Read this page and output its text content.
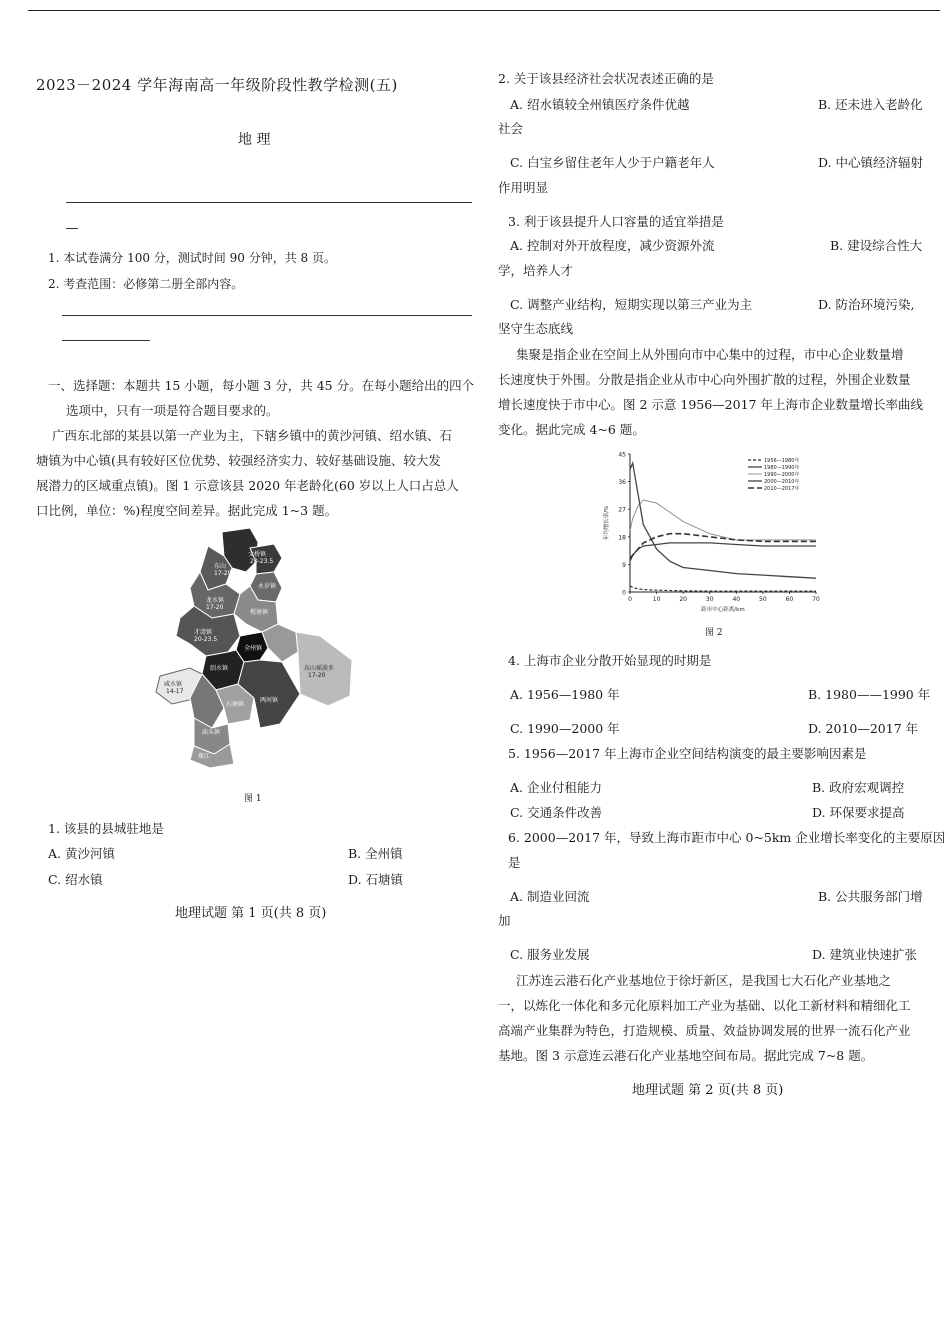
2023－2024 学年海南高一年级阶段性教学检测(五)
地 理
1. 本试卷满分 100 分，测试时间 90 分钟，共 8 页。
2. 考查范围：必修第二册全部内容。
一、选择题：本题共 15 小题，每小题 3 分，共 45 分。在每小题给出的四个
选项中，只有一项是符合题目要求的。
广西东北部的某县以第一产业为主，下辖乡镇中的黄沙河镇、绍水镇、石
塘镇为中心镇(具有较好区位优势、较强经济实力、较好基础设施、较大发
展潜力的区域重点镇)。图 1 示意该县 2020 年老龄化(60 岁以上人口占总人
口比例，单位：%)程度空间差异。据此完成 1~3 题。
文桥镇
20-23.5
东山
17-20
永岁镇
龙水镇
17-20
枧塘镇
才湾镇
20-23.5
全州镇
绍水镇	东山瑶族乡
17-20
咸水镇
14-17
石塘镇
两河镇
庙头镇
蕉江
图 1
1. 该县的县城驻地是
A. 黄沙河镇	B. 全州镇
C. 绍水镇	D. 石塘镇
地理试题 第 1 页(共 8 页)
2. 关于该县经济社会状况表述正确的是
A. 绍水镇较全州镇医疗条件优越	B. 还未进入老龄化
社会
C. 白宝乡留住老年人少于户籍老年人	D. 中心镇经济辐射
作用明显
3. 利于该县提升人口容量的适宜举措是
A. 控制对外开放程度，减少资源外流	B. 建设综合性大
学，培养人才
C. 调整产业结构，短期实现以第三产业为主	D. 防治环境污染,
坚守生态底线
集聚是指企业在空间上从外围向市中心集中的过程，市中心企业数量增
长速度快于外围。分散是指企业从市中心向外围扩散的过程，外围企业数量
增长速度快于市中心。图 2 示意 1956—2017 年上海市企业数量增长率曲线
变化。据此完成 4~6 题。
0
9
18
27
36
45
0	10	20	30	40	50	60	70
距市中心距离/km
年均增长率/%
1956—1980年
1980—1990年
1990—2000年
2000—2010年
2010—2017年
图 2
4. 上海市企业分散开始显现的时期是
A. 1956—1980 年	B. 1980——1990 年
C. 1990—2000 年	D. 2010—2017 年
5. 1956—2017 年上海市企业空间结构演变的最主要影响因素是
A. 企业付租能力	B. 政府宏观调控
C. 交通条件改善	D. 环保要求提高
6. 2000—2017 年，导致上海市距市中心 0~5km 企业增长率变化的主要原因
是
A. 制造业回流	B. 公共服务部门增
加
C. 服务业发展	D. 建筑业快速扩张
江苏连云港石化产业基地位于徐圩新区，是我国七大石化产业基地之
一，以炼化一体化和多元化原料加工产业为基础、以化工新材料和精细化工
高端产业集群为特色，打造规模、质量、效益协调发展的世界一流石化产业
基地。图 3 示意连云港石化产业基地空间布局。据此完成 7~8 题。
地理试题 第 2 页(共 8 页)
